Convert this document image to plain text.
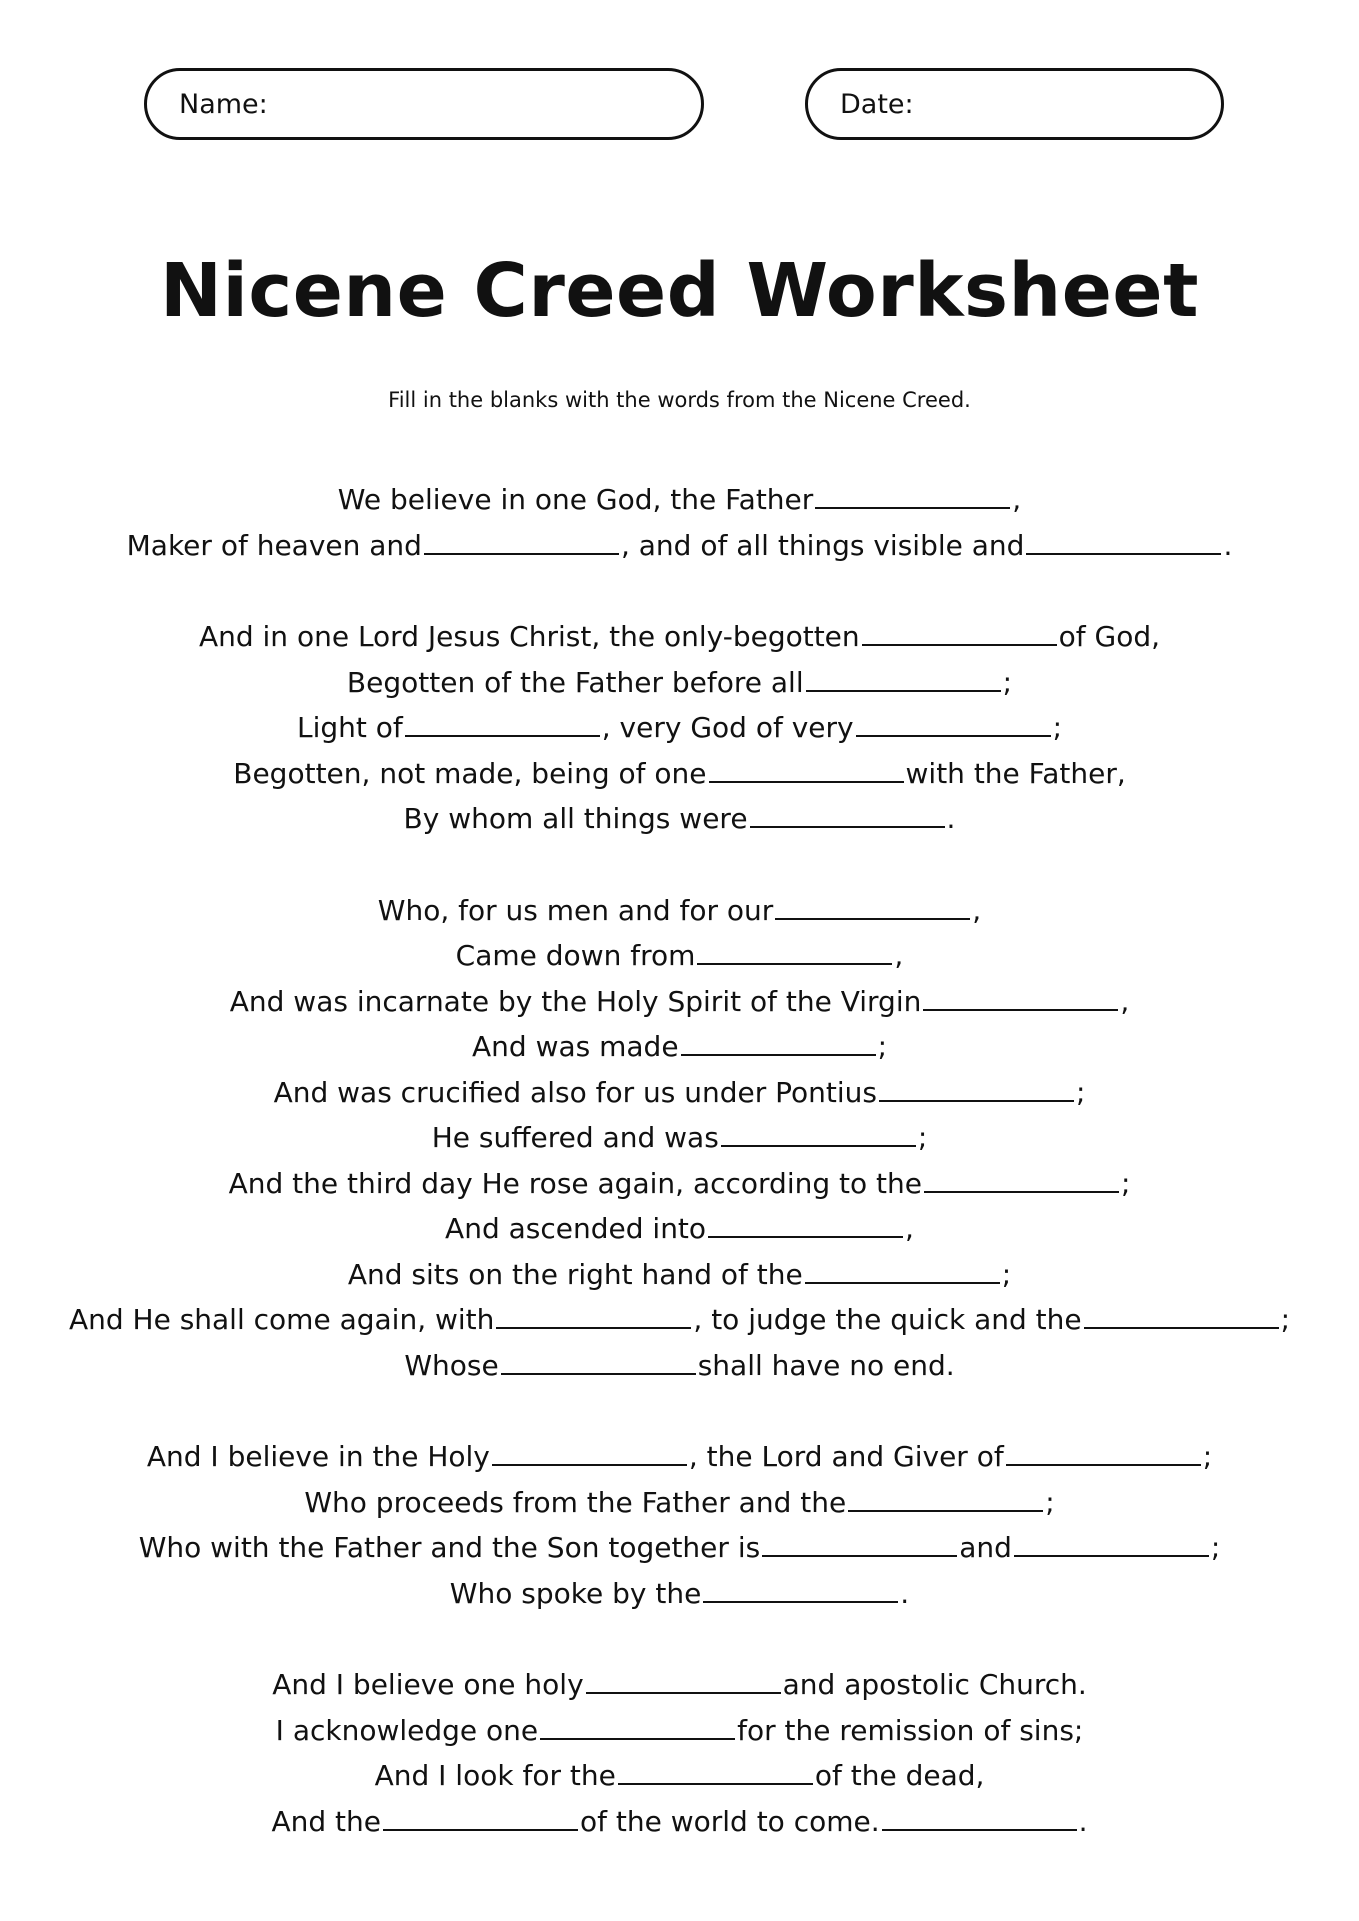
Name:	Date:
Nicene Creed Worksheet

Fill in the blanks with the words from the Nicene Creed.

We believe in one God, the Father	,
Maker of heaven and	, and of all things visible and	.
And in one Lord Jesus Christ, the only-begotten	of God,
Begotten of the Father before all	;
Light of	, very God of very	;
Begotten, not made, being of one	with the Father,
By whom all things were	.
Who, for us men and for our	,
Came down from	,
And was incarnate by the Holy Spirit of the Virgin	,
And was made	;
And was crucified also for us under Pontius	;
He suffered and was	;
And the third day He rose again, according to the	;
And ascended into	,
And sits on the right hand of the	;
And He shall come again, with	, to judge the quick and the	;
Whose	shall have no end.
And I believe in the Holy	, the Lord and Giver of	;
Who proceeds from the Father and the	;
Who with the Father and the Son together is	and	;
Who spoke by the	.
And I believe one holy	and apostolic Church.
I acknowledge one	for the remission of sins;
And I look for the	of the dead,
And the	of the world to come.	.
